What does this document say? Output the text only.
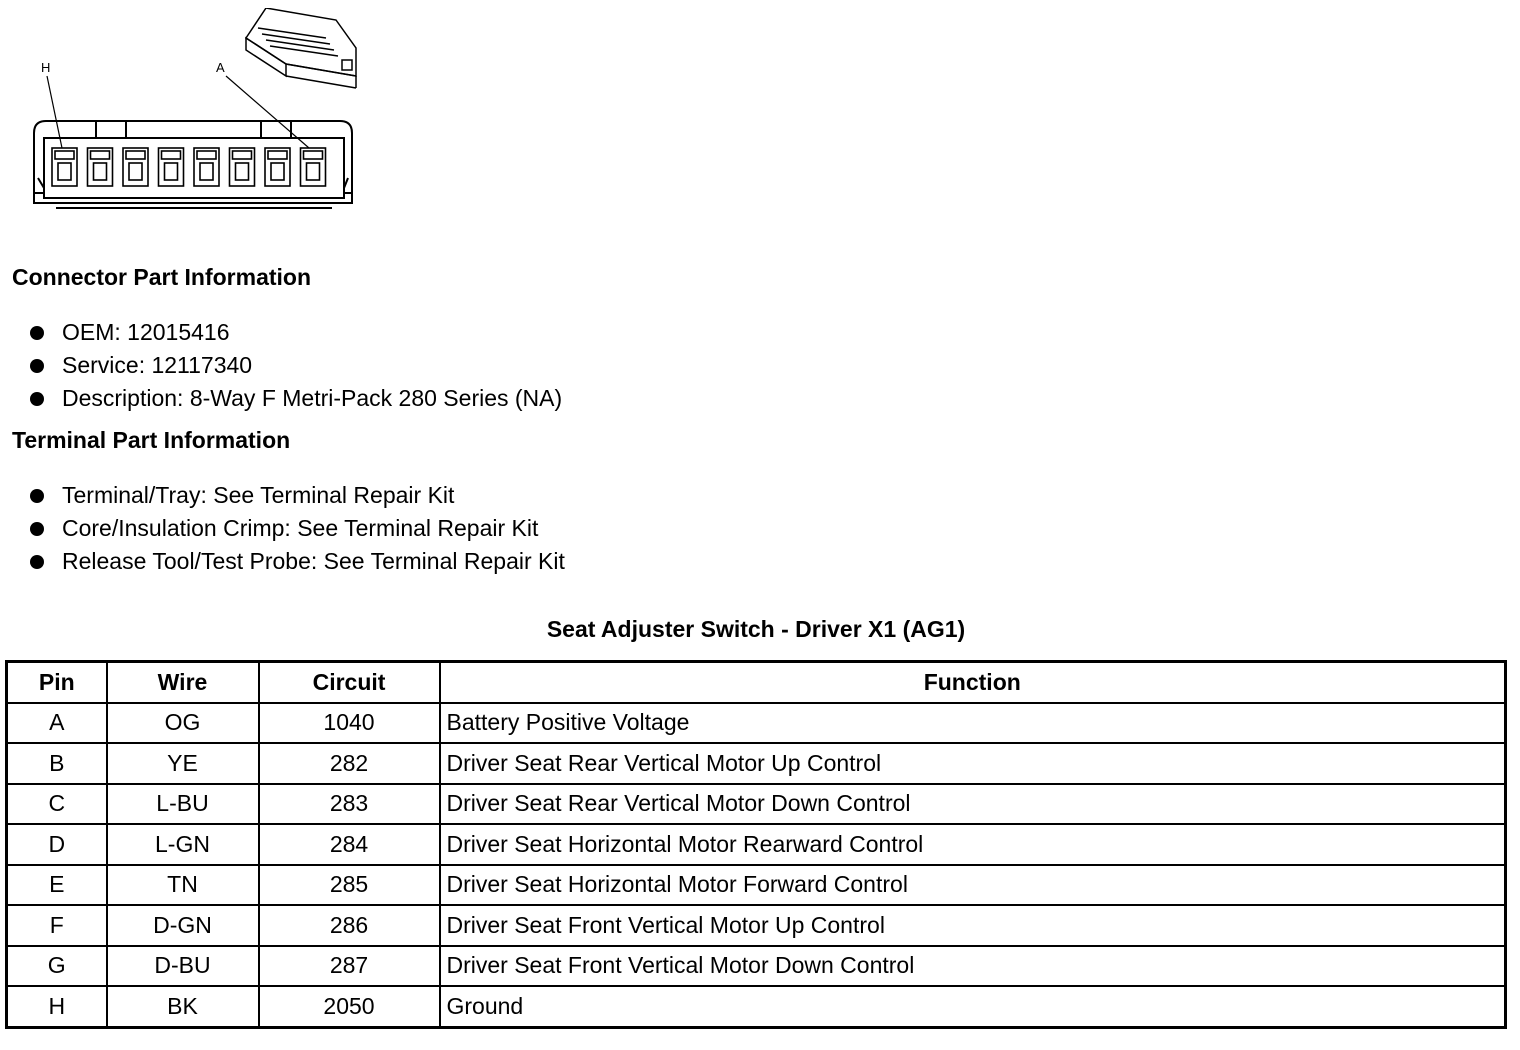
H	A
Connector Part Information
OEM: 12015416
Service: 12117340
Description: 8-Way F Metri-Pack 280 Series (NA)
Terminal Part Information
Terminal/Tray: See Terminal Repair Kit
Core/Insulation Crimp: See Terminal Repair Kit
Release Tool/Test Probe: See Terminal Repair Kit
Seat Adjuster Switch - Driver X1 (AG1)
Pin	Wire	Circuit	Function
A	OG	1040	Battery Positive Voltage
B	YE	282	Driver Seat Rear Vertical Motor Up Control
C	L-BU	283	Driver Seat Rear Vertical Motor Down Control
D	L-GN	284	Driver Seat Horizontal Motor Rearward Control
E	TN	285	Driver Seat Horizontal Motor Forward Control
F	D-GN	286	Driver Seat Front Vertical Motor Up Control
G	D-BU	287	Driver Seat Front Vertical Motor Down Control
H	BK	2050	Ground
